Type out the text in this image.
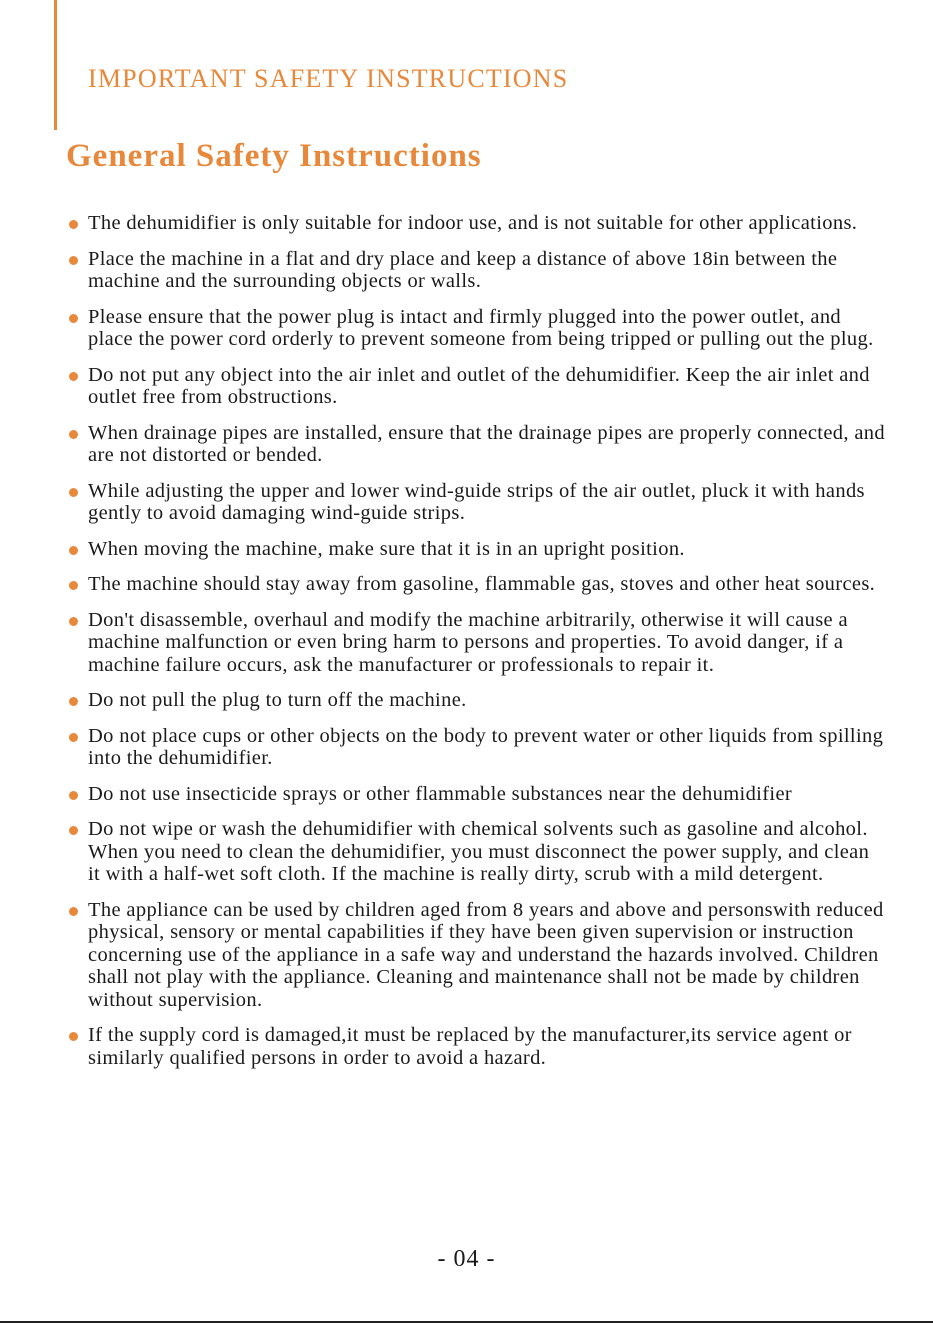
IMPORTANT SAFETY INSTRUCTIONS
General Safety Instructions
The dehumidifier is only suitable for indoor use, and is not suitable for other applications.
Place the machine in a flat and dry place and keep a distance of above 18in between the machine and the surrounding objects or walls.
Please ensure that the power plug is intact and firmly plugged into the power outlet, and place the power cord orderly to prevent someone from being tripped or pulling out the plug.
Do not put any object into the air inlet and outlet of the dehumidifier. Keep the air inlet and outlet free from obstructions.
When drainage pipes are installed, ensure that the drainage pipes are properly connected, and are not distorted or bended.
While adjusting the upper and lower wind-guide strips of the air outlet, pluck it with hands gently to avoid damaging wind-guide strips.
When moving the machine, make sure that it is in an upright position.
The machine should stay away from gasoline, flammable gas, stoves and other heat sources.
Don't disassemble, overhaul and modify the machine arbitrarily, otherwise it will cause a machine malfunction or even bring harm to persons and properties. To avoid danger, if a machine failure occurs, ask the manufacturer or professionals to repair it.
Do not pull the plug to turn off the machine.
Do not place cups or other objects on the body to prevent water or other liquids from spilling into the dehumidifier.
Do not use insecticide sprays or other flammable substances near the dehumidifier
Do not wipe or wash the dehumidifier with chemical solvents such as gasoline and alcohol. When you need to clean the dehumidifier, you must disconnect the power supply, and clean it with a half-wet soft cloth. If the machine is really dirty, scrub with a mild detergent.
The appliance can be used by children aged from 8 years and above and personswith reduced physical, sensory or mental capabilities if they have been given supervision or instruction concerning use of the appliance in a safe way and understand the hazards involved. Children shall not play with the appliance. Cleaning and maintenance shall not be made by children without supervision.
If the supply cord is damaged,it must be replaced by the manufacturer,its service agent or similarly qualified persons in order to avoid a hazard.
- 04 -
